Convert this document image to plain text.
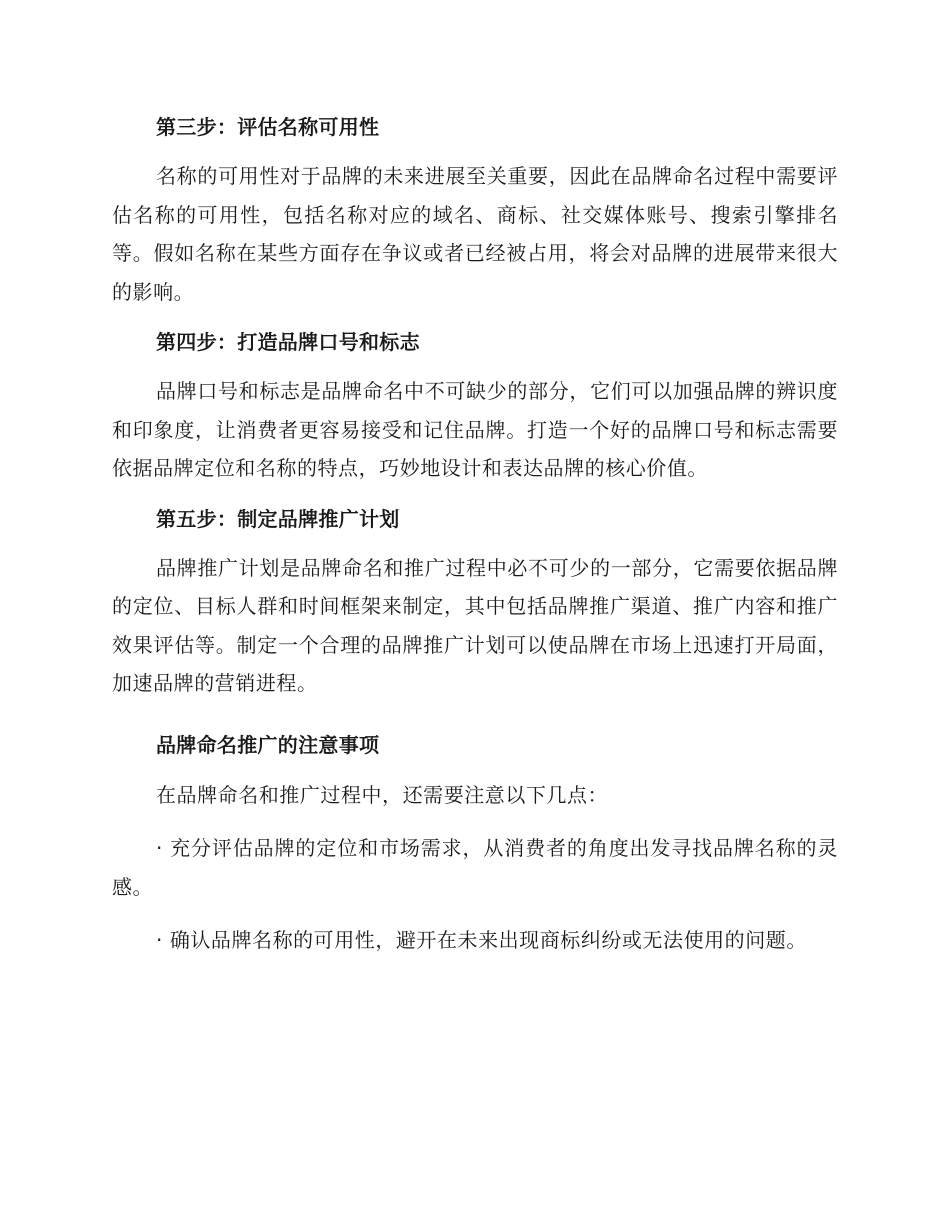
第三步：评估名称可用性

名称的可用性对于品牌的未来进展至关重要，因此在品牌命名过程中需要评估名称的可用性，包括名称对应的域名、商标、社交媒体账号、搜索引擎排名等。假如名称在某些方面存在争议或者已经被占用，将会对品牌的进展带来很大的影响。

第四步：打造品牌口号和标志

品牌口号和标志是品牌命名中不可缺少的部分，它们可以加强品牌的辨识度和印象度，让消费者更容易接受和记住品牌。打造一个好的品牌口号和标志需要依据品牌定位和名称的特点，巧妙地设计和表达品牌的核心价值。

第五步：制定品牌推广计划

品牌推广计划是品牌命名和推广过程中必不可少的一部分，它需要依据品牌的定位、目标人群和时间框架来制定，其中包括品牌推广渠道、推广内容和推广效果评估等。制定一个合理的品牌推广计划可以使品牌在市场上迅速打开局面，加速品牌的营销进程。

品牌命名推广的注意事项

在品牌命名和推广过程中，还需要注意以下几点：

· 充分评估品牌的定位和市场需求，从消费者的角度出发寻找品牌名称的灵感。

· 确认品牌名称的可用性，避开在未来出现商标纠纷或无法使用的问题。
